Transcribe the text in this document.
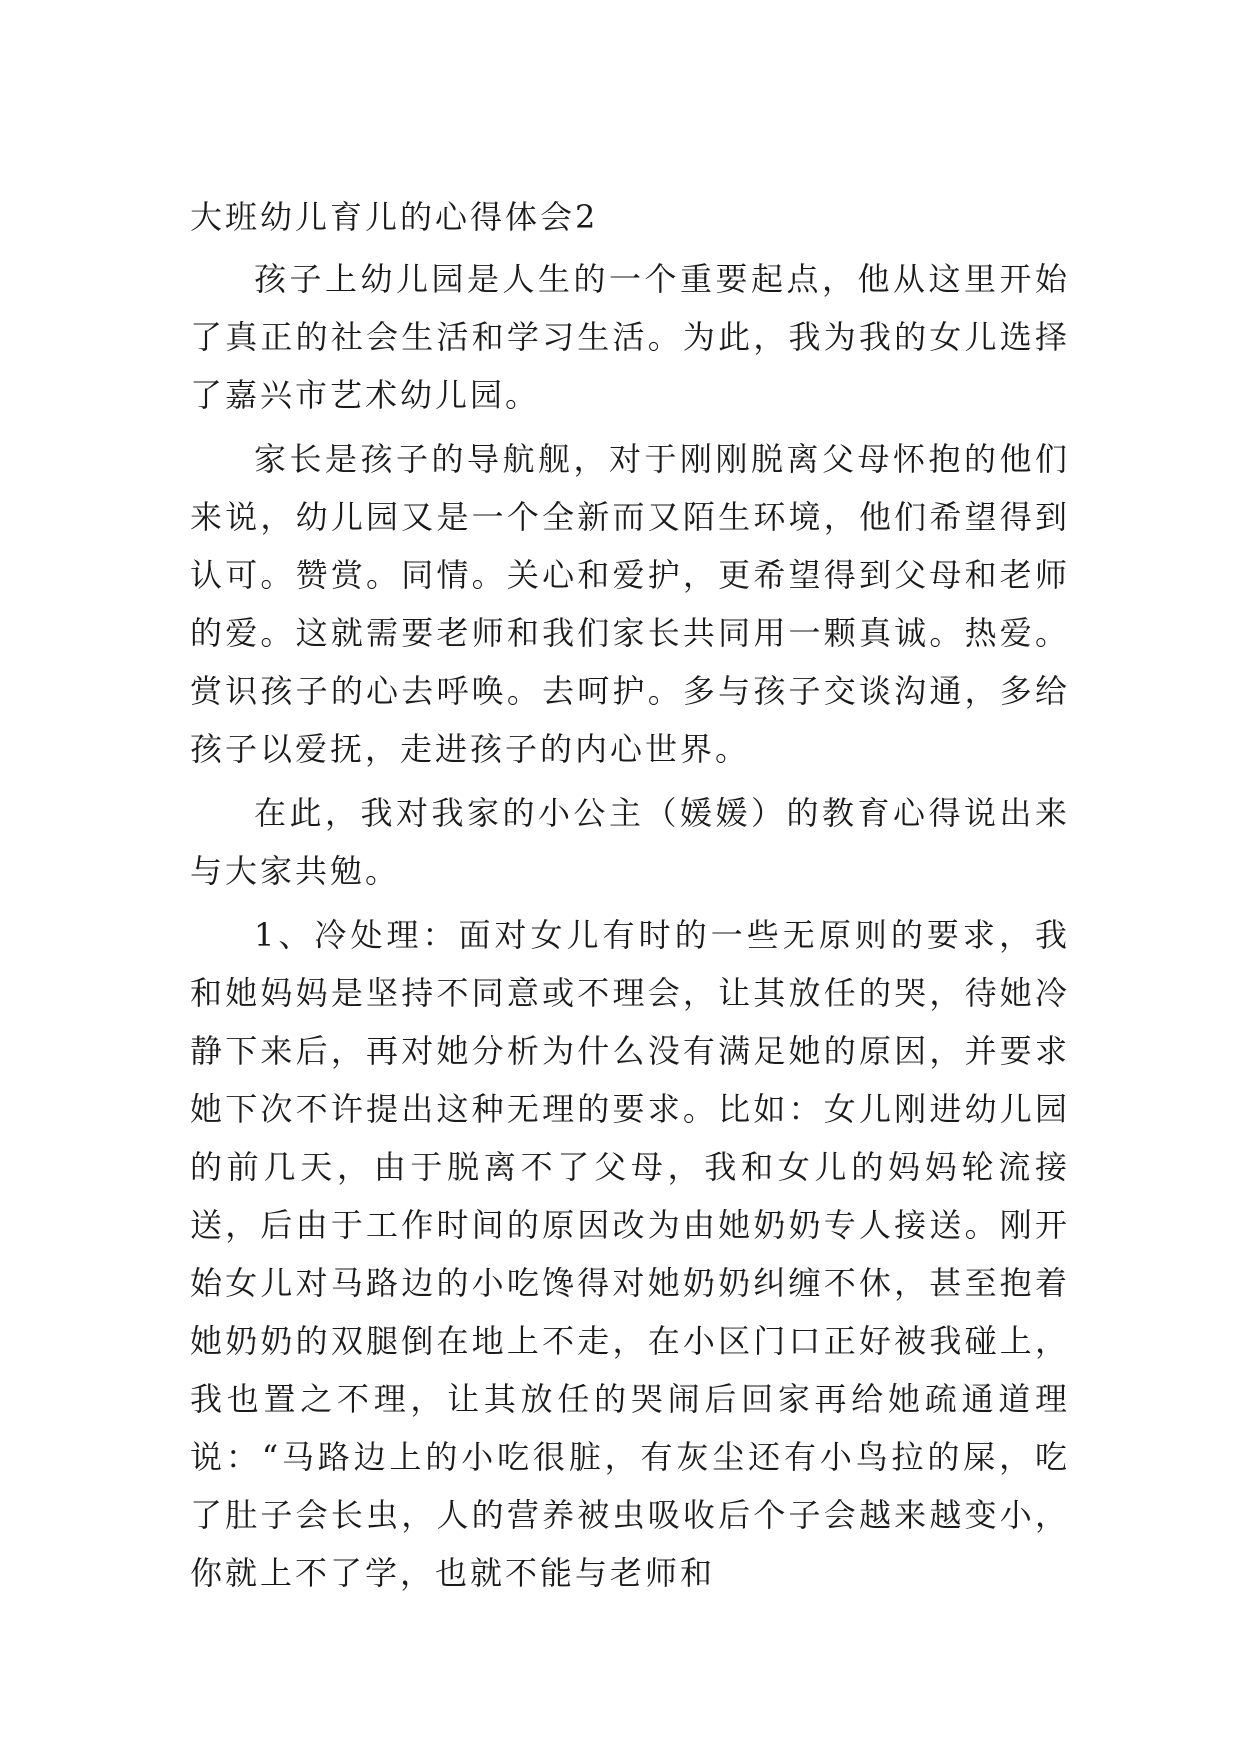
大班幼儿育儿的心得体会2

孩子上幼儿园是人生的一个重要起点，他从这里开始了真正的社会生活和学习生活。为此，我为我的女儿选择了嘉兴市艺术幼儿园。

家长是孩子的导航舰，对于刚刚脱离父母怀抱的他们来说，幼儿园又是一个全新而又陌生环境，他们希望得到认可。赞赏。同情。关心和爱护，更希望得到父母和老师的爱。这就需要老师和我们家长共同用一颗真诚。热爱。赏识孩子的心去呼唤。去呵护。多与孩子交谈沟通，多给孩子以爱抚，走进孩子的内心世界。

在此，我对我家的小公主（媛媛）的教育心得说出来与大家共勉。

1、冷处理：面对女儿有时的一些无原则的要求，我和她妈妈是坚持不同意或不理会，让其放任的哭，待她冷静下来后，再对她分析为什么没有满足她的原因，并要求她下次不许提出这种无理的要求。比如：女儿刚进幼儿园的前几天，由于脱离不了父母，我和女儿的妈妈轮流接送，后由于工作时间的原因改为由她奶奶专人接送。刚开始女儿对马路边的小吃馋得对她奶奶纠缠不休，甚至抱着她奶奶的双腿倒在地上不走，在小区门口正好被我碰上，我也置之不理，让其放任的哭闹后回家再给她疏通道理说：“马路边上的小吃很脏，有灰尘还有小鸟拉的屎，吃了肚子会长虫，人的营养被虫吸收后个子会越来越变小，你就上不了学，也就不能与老师和
